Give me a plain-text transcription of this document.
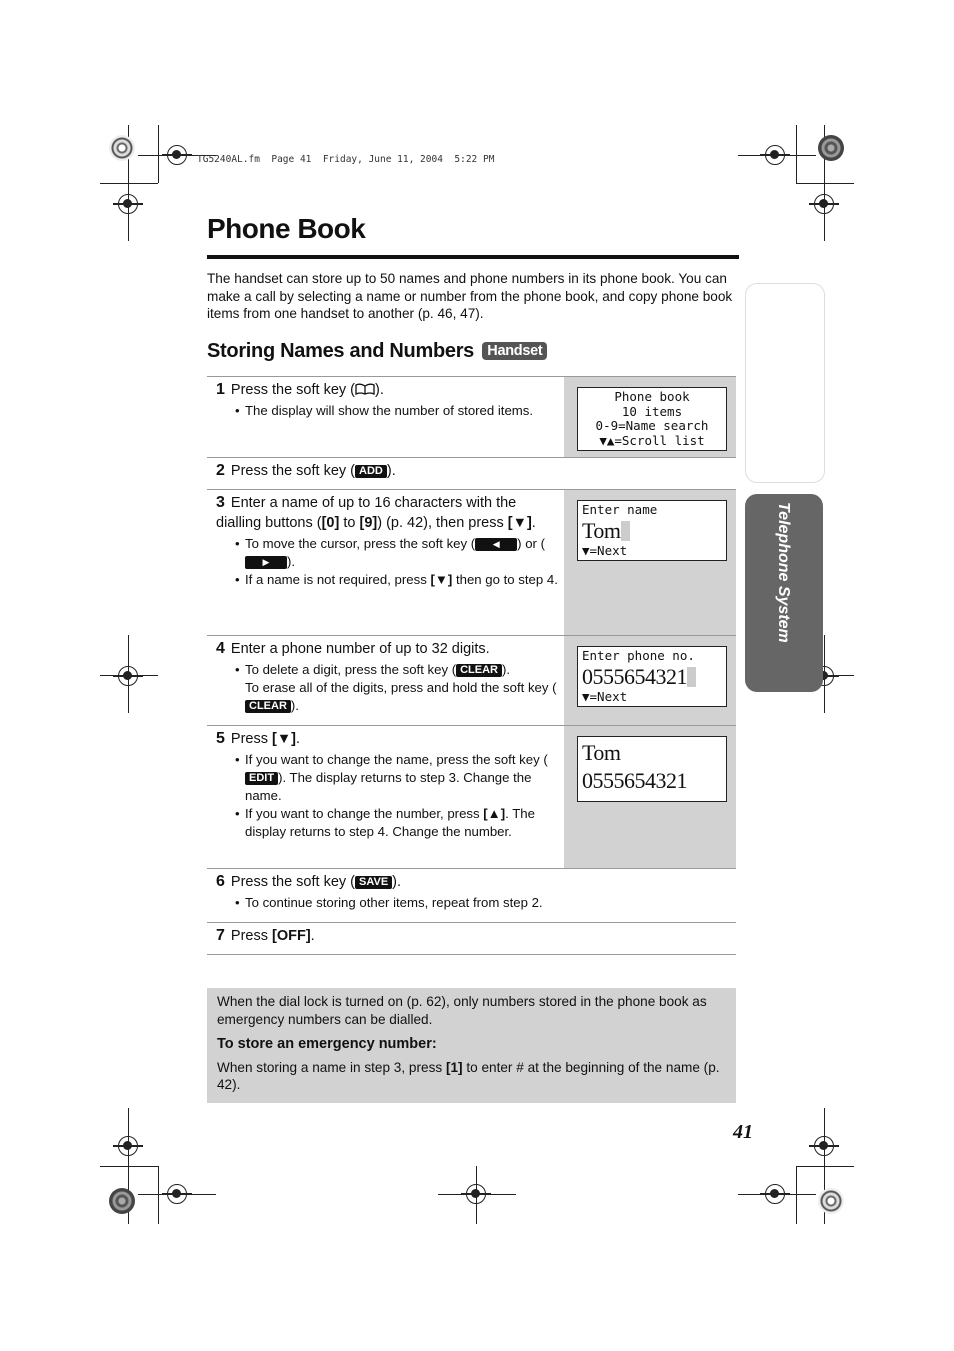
TG5240AL.fm  Page 41  Friday, June 11, 2004  5:22 PM
Phone Book

The handset can store up to 50 names and phone numbers in its phone book. You can make a call by selecting a name or number from the phone book, and copy phone book items from one handset to another (p. 46, 47).

Storing Names and Numbers Handset
1 Press the soft key ( ).
• The display will show the number of stored items.
Phone book
10 items
0-9=Name search
▼▲=Scroll list
2 Press the soft key ( ADD ).
3 Enter a name of up to 16 characters with the dialling buttons ([0] to [9]) (p. 42), then press [▼].
• To move the cursor, press the soft key ( ◀ ) or (▶ ).
• If a name is not required, press [▼] then go to step 4.
Enter name
Tom
▼=Next
4 Enter a phone number of up to 32 digits.
• To delete a digit, press the soft key ( CLEAR ).
To erase all of the digits, press and hold the soft key (CLEAR ).
Enter phone no.
0555654321
▼=Next
5 Press [▼].
• If you want to change the name, press the soft key (EDIT ). The display returns to step 3. Change the name.
• If you want to change the number, press [▲]. The display returns to step 4. Change the number.
Tom
0555654321
6 Press the soft key ( SAVE ).
• To continue storing other items, repeat from step 2.
7 Press [OFF].
Telephone System

When the dial lock is turned on (p. 62), only numbers stored in the phone book as emergency numbers can be dialled.

To store an emergency number:

When storing a name in step 3, press [1] to enter # at the beginning of the name (p. 42).

41
